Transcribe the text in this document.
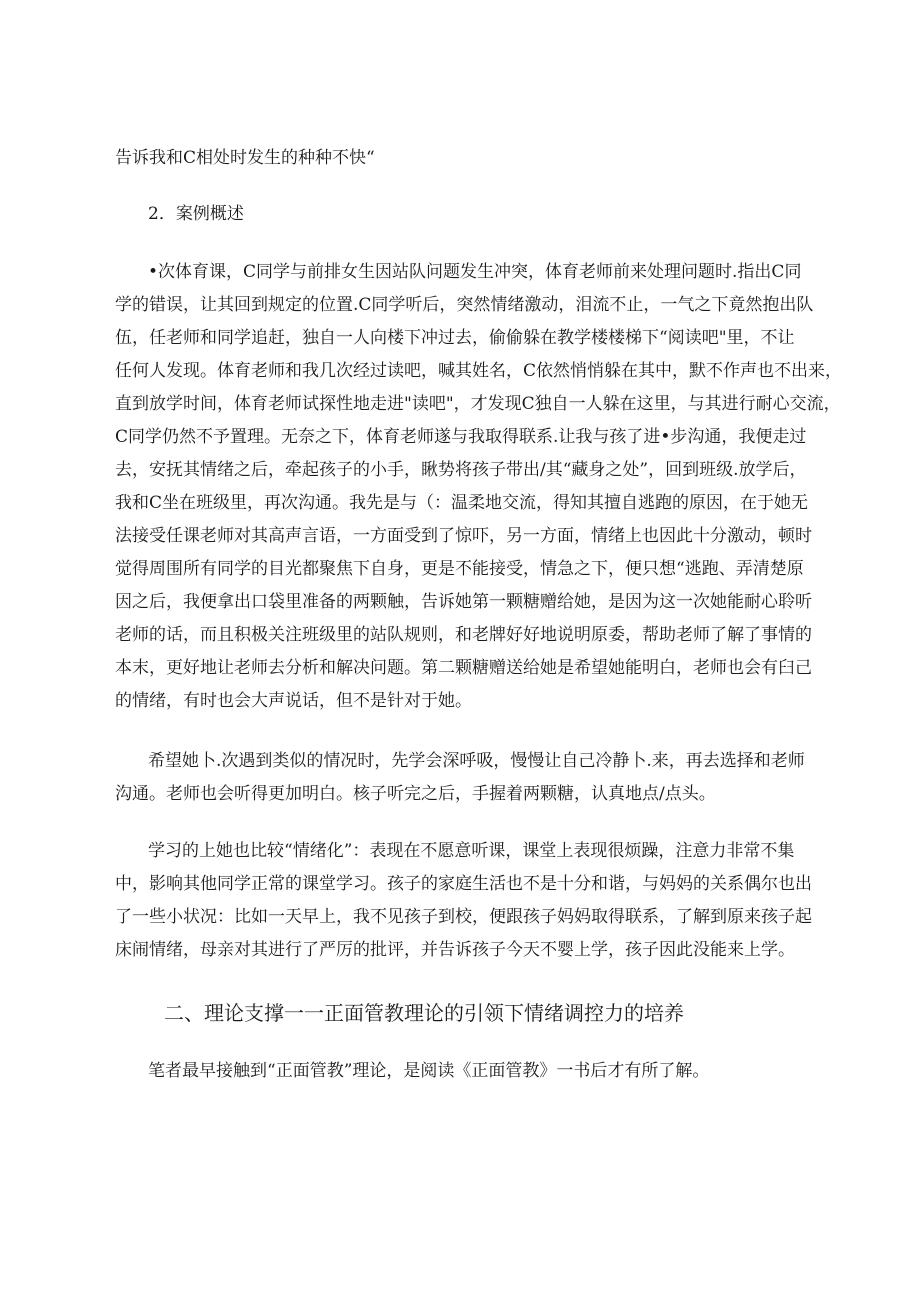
告诉我和C相处时发生的种种不快“
2．案例概述
•次体育课，C同学与前排女生因站队问题发生冲突，体育老师前来处理问题时.指出C同
学的错误，让其回到规定的位置.C同学听后，突然情绪激动，泪流不止，一气之下竟然抱出队
伍，任老师和同学追赶，独自一人向楼下冲过去，偷偷躲在教学楼楼梯下“阅读吧"里，不让
任何人发现。体育老师和我几次经过读吧，喊其姓名，C依然悄悄躲在其中，默不作声也不出来，
直到放学时间，体育老师试探性地走进"读吧"，才发现C独自一人躲在这里，与其进行耐心交流，
C同学仍然不予置理。无奈之下，体育老师遂与我取得联系.让我与孩了进•步沟通，我便走过
去，安抚其情绪之后，牵起孩子的小手，瞅势将孩子带出/其“藏身之处”，回到班级.放学后，
我和C坐在班级里，再次沟通。我先是与（：温柔地交流，得知其擅自逃跑的原因，在于她无
法接受任课老师对其高声言语，一方面受到了惊吓，另一方面，情绪上也因此十分激动，顿时
觉得周围所有同学的目光都聚焦下自身，更是不能接受，情急之下，便只想“逃跑、弄清楚原
因之后，我便拿出口袋里准备的两颗触，告诉她第一颗糖赠给她，是因为这一次她能耐心聆听
老师的话，而且积极关注班级里的站队规则，和老牌好好地说明原委，帮助老师了解了事情的
本末，更好地让老师去分析和解决问题。第二颗糖赠送给她是希望她能明白，老师也会有臼己
的情绪，有时也会大声说话，但不是针对于她。
希望她卜.次遇到类似的情况时，先学会深呼吸，慢慢让自己冷静卜.来，再去选择和老师
沟通。老师也会听得更加明白。核子听完之后，手握着两颗糖，认真地点/点头。
学习的上她也比较“情绪化”：表现在不愿意听课，课堂上表现很烦躁，注意力非常不集
中，影响其他同学正常的课堂学习。孩子的家庭生活也不是十分和谐，与妈妈的关系偶尔也出
了一些小状况：比如一天早上，我不见孩子到校，便跟孩子妈妈取得联系，了解到原来孩子起
床闹情绪，母亲对其进行了严厉的批评，并告诉孩子今天不婴上学，孩子因此没能来上学。
二、理论支撑一一正面管教理论的引领下情绪调控力的培养
笔者最早接触到“正面管教”理论，是阅读《正面管教》一书后才有所了解。
